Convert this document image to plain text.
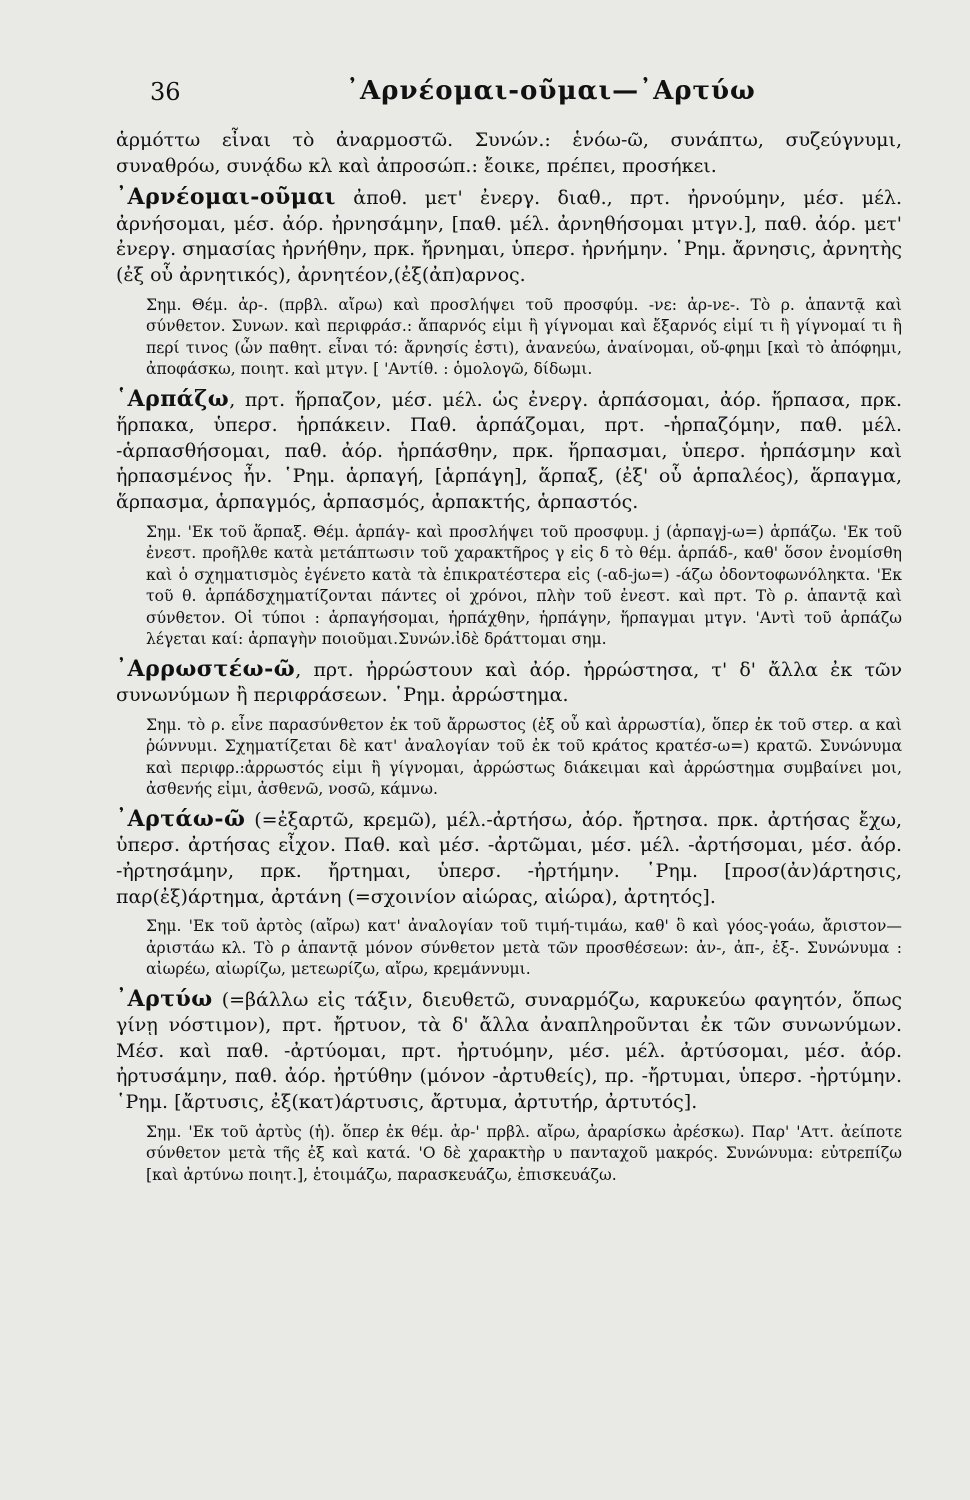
36	᾿Αρνέομαι-οῦμαι—᾿Αρτύω

ἁρμόττω εἶναι τὸ ἀναρμοστῶ. Συνών.: ἑνόω-ῶ, συνάπτω, συζεύγνυμι, συναθρόω, συνᾴδω κλ καὶ ἀπροσώπ.: ἔοικε, πρέπει, προσήκει.

᾿Αρνέομαι-οῦμαι ἀποθ. μετ' ἐνεργ. διαθ., πρτ. ἠρνούμην, μέσ. μέλ. ἀρνήσομαι, μέσ. ἀόρ. ἠρνησάμην, [παθ. μέλ. ἀρνηθήσομαι μτγν.], παθ. ἀόρ. μετ' ἐνεργ. σημασίας ἠρνήθην, πρκ. ἤρνημαι, ὑπερσ. ἠρνήμην. ῾Ρημ. ἄρνησις, ἀρνητὴς (ἐξ οὗ ἀρνητικός), ἀρνητέον,(ἐξ(ἀπ)αρνος.

Σημ. Θέμ. ἀρ-. (πρβλ. αἴρω) καὶ προσλήψει τοῦ προσφύμ. -νε: ἀρ-νε-. Τὸ ρ. ἁπαντᾷ καὶ σύνθετον. Συνων. καὶ περιφράσ.: ἄπαρνός εἰμι ἢ γίγνομαι καὶ ἔξαρνός εἰμί τι ἢ γίγνομαί τι ἢ περί τινος (ὧν παθητ. εἶναι τό: ἄρνησίς ἐστι), ἀνανεύω, ἀναίνομαι, οὔ-φημι [καὶ τὸ ἀπόφημι, ἀποφάσκω, ποιητ. καὶ μτγν. [ 'Αντίθ. : ὁμολογῶ, δίδωμι.

῾Αρπάζω, πρτ. ἥρπαζον, μέσ. μέλ. ὡς ἐνεργ. ἁρπάσομαι, ἀόρ. ἥρπασα, πρκ. ἥρπακα, ὑπερσ. ἡρπάκειν. Παθ. ἁρπάζομαι, πρτ. -ἡρπαζόμην, παθ. μέλ. -ἁρπασθήσομαι, παθ. ἀόρ. ἡρπάσθην, πρκ. ἥρπασμαι, ὑπερσ. ἡρπάσμην καὶ ἡρπασμένος ἦν. ῾Ρημ. ἁρπαγή, [ἁρπάγη], ἅρπαξ, (ἐξ' οὗ ἁρπαλέος), ἅρπαγμα, ἅρπασμα, ἁρπαγμός, ἁρπασμός, ἁρπακτής, ἁρπαστός.

Σημ. 'Εκ τοῦ ἅρπαξ. Θέμ. ἁρπάγ- καὶ προσλήψει τοῦ προσφυμ. j (ἁρπαγj-ω=) ἁρπάζω. 'Εκ τοῦ ἐνεστ. προῆλθε κατὰ μετάπτωσιν τοῦ χαρακτῆρος γ εἰς δ τὸ θέμ. ἁρπάδ-, καθ' ὅσον ἐνομίσθη καὶ ὁ σχηματισμὸς ἐγένετο κατὰ τὰ ἐπικρατέστερα εἰς (-αδ-jω=) -άζω ὀδοντοφωνόληκτα. 'Εκ τοῦ θ. ἁρπάδσχηματίζονται πάντες οἱ χρόνοι, πλὴν τοῦ ἐνεστ. καὶ πρτ. Τὸ ρ. ἁπαντᾷ καὶ σύνθετον. Οἱ τύποι : ἁρπαγήσομαι, ἡρπάχθην, ἡρπάγην, ἥρπαγμαι μτγν. 'Αντὶ τοῦ ἁρπάζω λέγεται καί: ἁρπαγὴν ποιοῦμαι.Συνών.ἰδὲ δράττομαι σημ.

᾿Αρρωστέω-ῶ, πρτ. ἠρρώστουν καὶ ἀόρ. ἠρρώστησα, τ' δ' ἄλλα ἐκ τῶν συνωνύμων ἢ περιφράσεων. ῾Ρημ. ἀρρώστημα.

Σημ. τὸ ρ. εἶνε παρασύνθετον ἐκ τοῦ ἄρρωστος (ἐξ οὗ καὶ ἀρρωστία), ὅπερ ἐκ τοῦ στερ. α καὶ ῥώννυμι. Σχηματίζεται δὲ κατ' ἀναλογίαν τοῦ ἐκ τοῦ κράτος κρατέσ-ω=) κρατῶ. Συνώνυμα καὶ περιφρ.:ἀρρωστός εἰμι ἢ γίγνομαι, ἀρρώστως διάκειμαι καὶ ἀρρώστημα συμβαίνει μοι, ἀσθενής εἰμι, ἀσθενῶ, νοσῶ, κάμνω.

᾿Αρτάω-ῶ (=ἐξαρτῶ, κρεμῶ), μέλ.-ἀρτήσω, ἀόρ. ἤρτησα. πρκ. ἀρτήσας ἔχω, ὑπερσ. ἀρτήσας εἶχον. Παθ. καὶ μέσ. -ἀρτῶμαι, μέσ. μέλ. -ἀρτήσομαι, μέσ. ἀόρ. -ἠρτησάμην, πρκ. ἤρτημαι, ὑπερσ. -ἠρτήμην. ῾Ρημ. [προσ(ἀν)άρτησις, παρ(ἐξ)άρτημα, ἀρτάνη (=σχοινίον αἰώρας, αἰώρα), ἀρτητός].

Σημ. 'Εκ τοῦ ἀρτὸς (αἴρω) κατ' ἀναλογίαν τοῦ τιμή-τιμάω, καθ' ὃ καὶ γόος-γοάω, ἄριστον—ἀριστάω κλ. Τὸ ρ ἁπαντᾷ μόνον σύνθετον μετὰ τῶν προσθέσεων: ἀν-, ἀπ-, ἐξ-. Συνώνυμα : αἰωρέω, αἰωρίζω, μετεωρίζω, αἴρω, κρεμάννυμι.

᾿Αρτύω (=βάλλω εἰς τάξιν, διευθετῶ, συναρμόζω, καρυκεύω φαγητόν, ὅπως γίνῃ νόστιμον), πρτ. ἤρτυον, τὰ δ' ἄλλα ἀναπληροῦνται ἐκ τῶν συνωνύμων. Μέσ. καὶ παθ. -ἀρτύομαι, πρτ. ἠρτυόμην, μέσ. μέλ. ἀρτύσομαι, μέσ. ἀόρ. ἠρτυσάμην, παθ. ἀόρ. ἠρτύθην (μόνον -ἀρτυθείς), πρ. -ἤρτυμαι, ὑπερσ. -ἠρτύμην. ῾Ρημ. [ἄρτυσις, ἐξ(κατ)άρτυσις, ἄρτυμα, ἀρτυτήρ, ἀρτυτός].

Σημ. 'Εκ τοῦ ἀρτὺς (ἡ). ὅπερ ἐκ θέμ. ἀρ-' πρβλ. αἴρω, ἀραρίσκω ἀρέσκω). Παρ' 'Αττ. ἀείποτε σύνθετον μετὰ τῆς ἐξ καὶ κατά. 'Ο δὲ χαρακτὴρ υ πανταχοῦ μακρός. Συνώνυμα: εὐτρεπίζω [καὶ ἀρτύνω ποιητ.], ἑτοιμάζω, παρασκευάζω, ἐπισκευάζω.
